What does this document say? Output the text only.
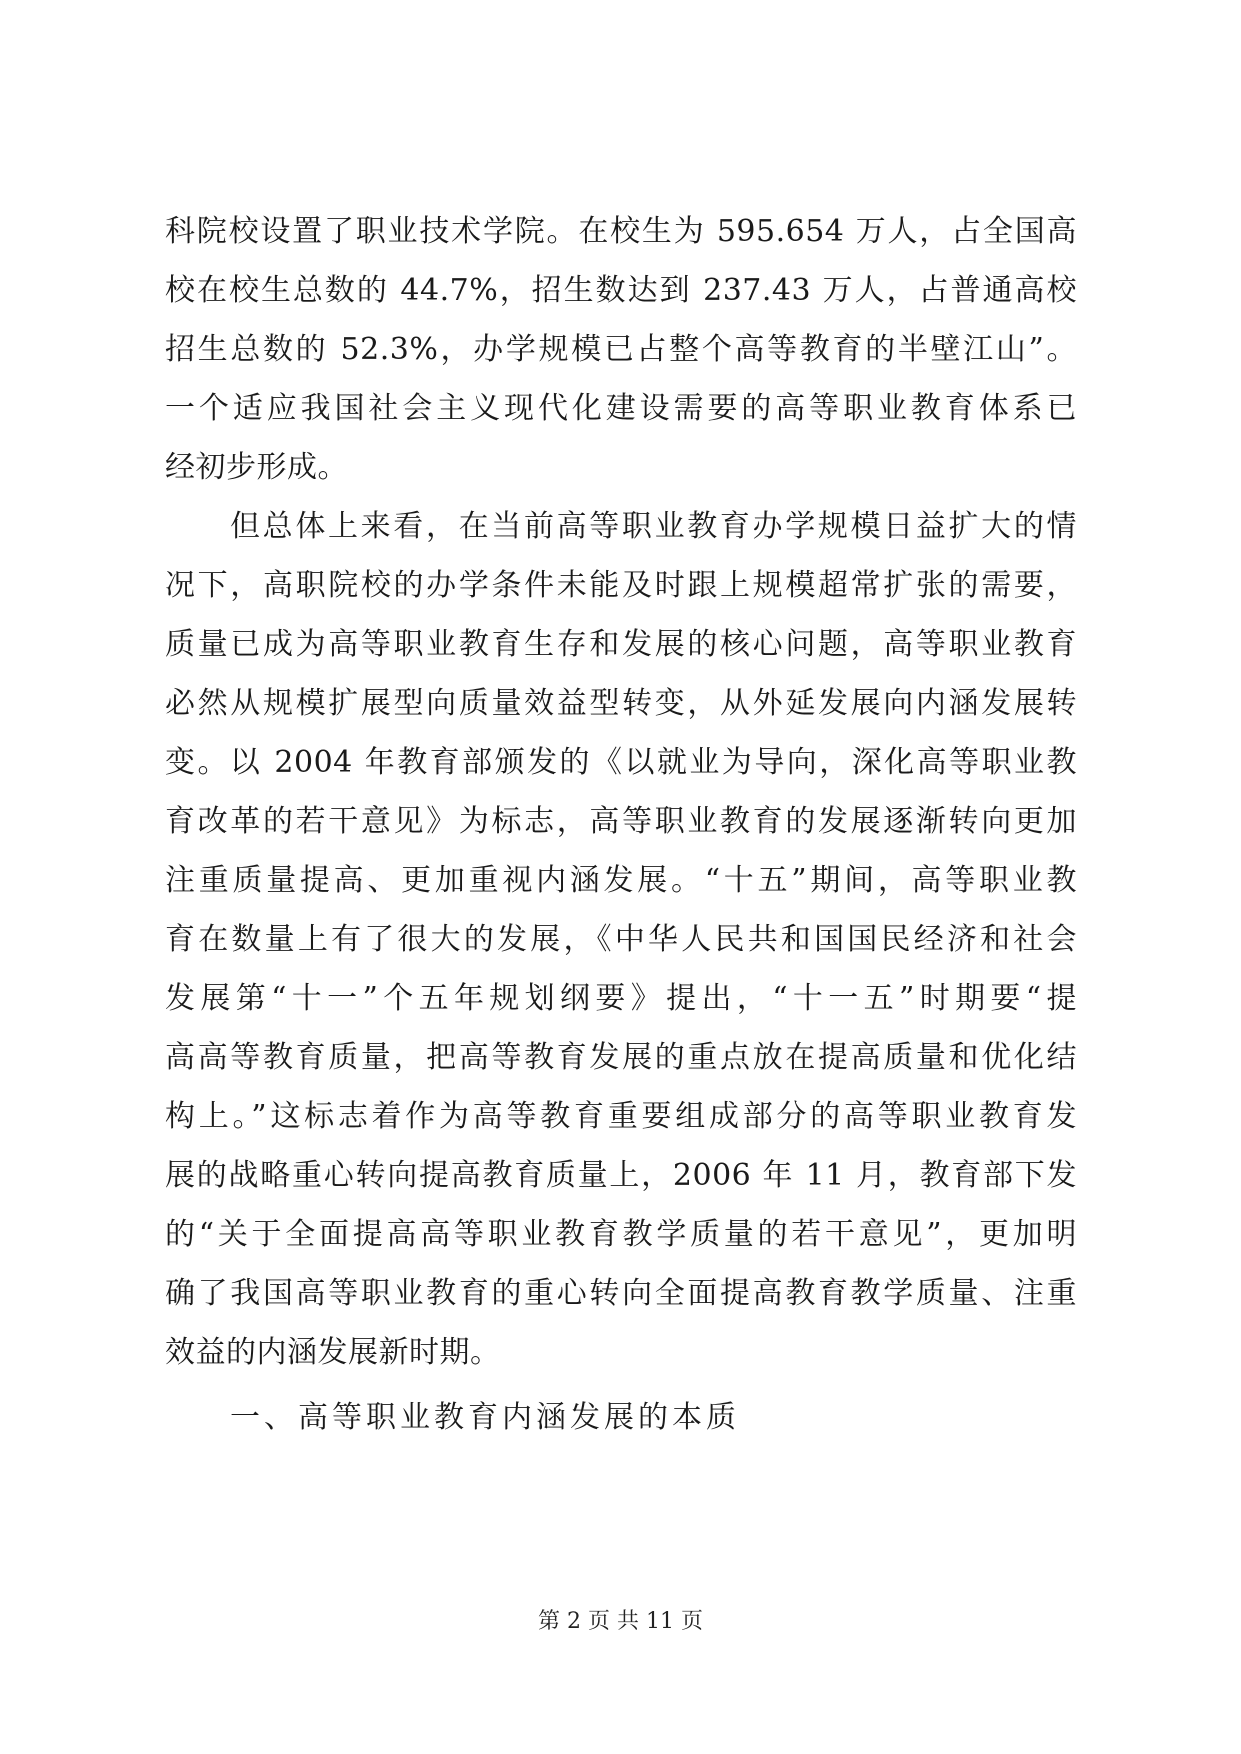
科院校设置了职业技术学院。在校生为 595.654 万人，占全国高
校在校生总数的 44.7%，招生数达到 237.43 万人，占普通高校
招生总数的 52.3%，办学规模已占整个高等教育的半壁江山”。
一个适应我国社会主义现代化建设需要的高等职业教育体系已
经初步形成。
但总体上来看，在当前高等职业教育办学规模日益扩大的情
况下，高职院校的办学条件未能及时跟上规模超常扩张的需要，
质量已成为高等职业教育生存和发展的核心问题，高等职业教育
必然从规模扩展型向质量效益型转变，从外延发展向内涵发展转
变。以 2004 年教育部颁发的《以就业为导向，深化高等职业教
育改革的若干意见》为标志，高等职业教育的发展逐渐转向更加
注重质量提高、更加重视内涵发展。“十五”期间，高等职业教
育在数量上有了很大的发展，《中华人民共和国国民经济和社会
发展第“十一”个五年规划纲要》提出，“十一五”时期要“提
高高等教育质量，把高等教育发展的重点放在提高质量和优化结
构上。”这标志着作为高等教育重要组成部分的高等职业教育发
展的战略重心转向提高教育质量上，2006 年 11 月，教育部下发
的“关于全面提高高等职业教育教学质量的若干意见”，更加明
确了我国高等职业教育的重心转向全面提高教育教学质量、注重
效益的内涵发展新时期。
一、高等职业教育内涵发展的本质
第 2 页 共 11 页
